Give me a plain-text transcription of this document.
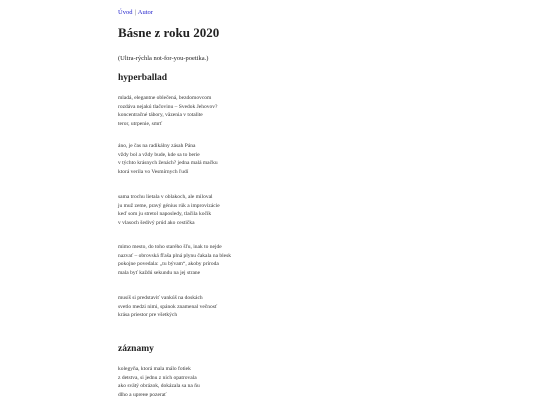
Úvod | Autor
Básne z roku 2020

(Ultra-rýchla not-for-you-poetika.)

hyperballad
mladá, elegantne oblečená, bezdomovcom
rozdáva nejakú tlačovinu – Svedok Jehovov?
koncentračné tábory, väzenia v totalite
teror, utrpenie, smrť
áno, je čas na radikálny zásah Pána
vždy bol a vždy bude, kde sa to berie
v týchto krásnych ženách? jedna malá mačku
ktorá verila vo Vesmírnych ľudí
sama trochu lietala v oblakoch, ale miloval
ju muž zeme, pravý génius rúk a improvizácie
keď som ju stretol naposledy, tlačila kočík
v vlasoch šedivý prúd ako cestička
mimo mesto, do toho starého šľu, inak to nejde
nazvať – obrovská fľaša plná plynu čakala na blesk
pokojne povedala: „tu bývam“, akoby príroda
mala byť každú sekundu na jej strane
musíš si predstaviť vankúš na doskách
svetlo medzi nimi, spánok znamenal večnosť
krása priestor pre všetkých
záznamy
kolegyňa, ktorá mala málo fotiek
z detstva, si jednu z nich opatrovala
ako svätý obrázok, dokázala sa na ňu
dlho a upreне pozerať
